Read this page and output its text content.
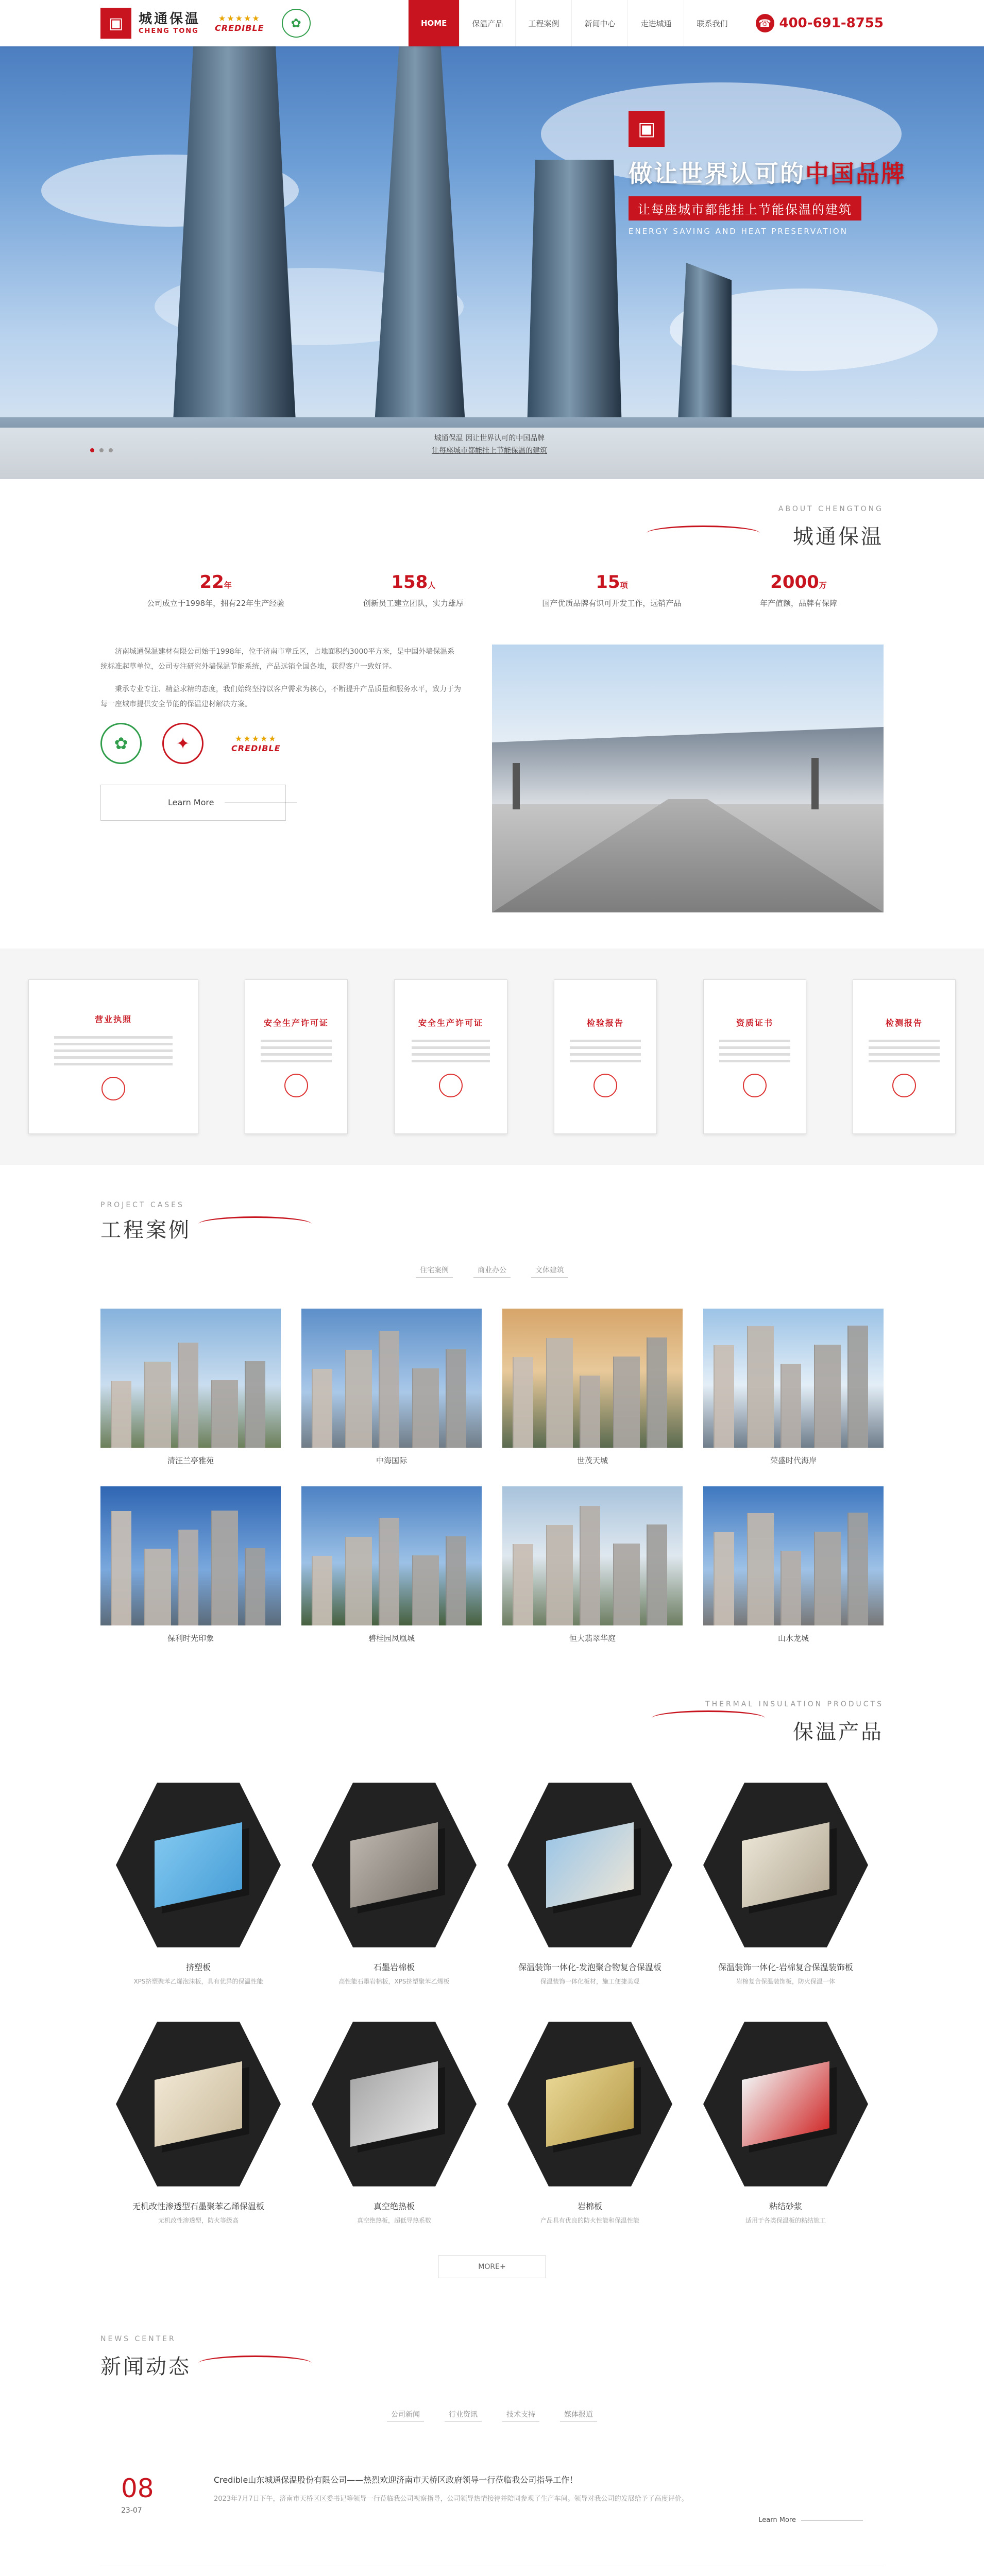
▣	城通保温
CHENG TONG
★★★★★
CREDIBLE	✿	HOME	保温产品	工程案例	新闻中心	走进城通	联系我们	☎ 400-691-8755
▣
做让世界认可的中国品牌
让每座城市都能挂上节能保温的建筑
ENERGY SAVING AND HEAT PRESERVATION
城通保温 因让世界认可的中国品牌
让每座城市都能挂上节能保温的建筑
ABOUT CHENGTONG
城通保温
22年
公司成立于1998年，拥有22年生产经验
158人
创新员工建立团队，实力雄厚
15项
国产优质品牌有识可开发工作，远销产品
2000万
年产值额，品牌有保障

济南城通保温建材有限公司始于1998年，位于济南市章丘区，占地面积约3000平方米，是中国外墙保温系统标准起草单位，公司专注研究外墙保温节能系统，产品远销全国各地，获得客户一致好评。

秉承专业专注、精益求精的态度，我们始终坚持以客户需求为核心，不断提升产品质量和服务水平，致力于为每一座城市提供安全节能的保温建材解决方案。

✿	✦	★★★★★
CREDIBLE
Learn More
营业执照	安全生产许可证	安全生产许可证	检验报告	资质证书	检测报告
PROJECT CASES
工程案例
住宅案例	商业办公	文体建筑
清汪兰亭雅苑	中海国际	世茂天城	荣盛时代海岸
保利时光印象	碧桂园凤凰城	恒大翡翠华庭	山水龙城
THERMAL INSULATION PRODUCTS
保温产品
挤塑板
XPS挤塑聚苯乙烯泡沫板，具有优异的保温性能
石墨岩棉板
高性能石墨岩棉板，XPS挤塑聚苯乙烯板
保温装饰一体化-发泡聚合物复合保温板
保温装饰一体化板材，施工便捷美观
保温装饰一体化-岩棉复合保温装饰板
岩棉复合保温装饰板，防火保温一体
无机改性渗透型石墨聚苯乙烯保温板
无机改性渗透型，防火等级高
真空绝热板
真空绝热板，超低导热系数
岩棉板
产品具有优良的防火性能和保温性能
粘结砂浆
适用于各类保温板的粘结施工
MORE+
NEWS CENTER
新闻动态
公司新闻	行业资讯	技术支持	媒体报道
08
23-07
Credible山东城通保温股份有限公司——热烈欢迎济南市天桥区政府领导一行莅临我公司指导工作！
2023年7月7日下午，济南市天桥区区委书记等领导一行莅临我公司视察指导，公司领导热情接待并陪同参观了生产车间。领导对我公司的发展给予了高度评价。
Learn More
